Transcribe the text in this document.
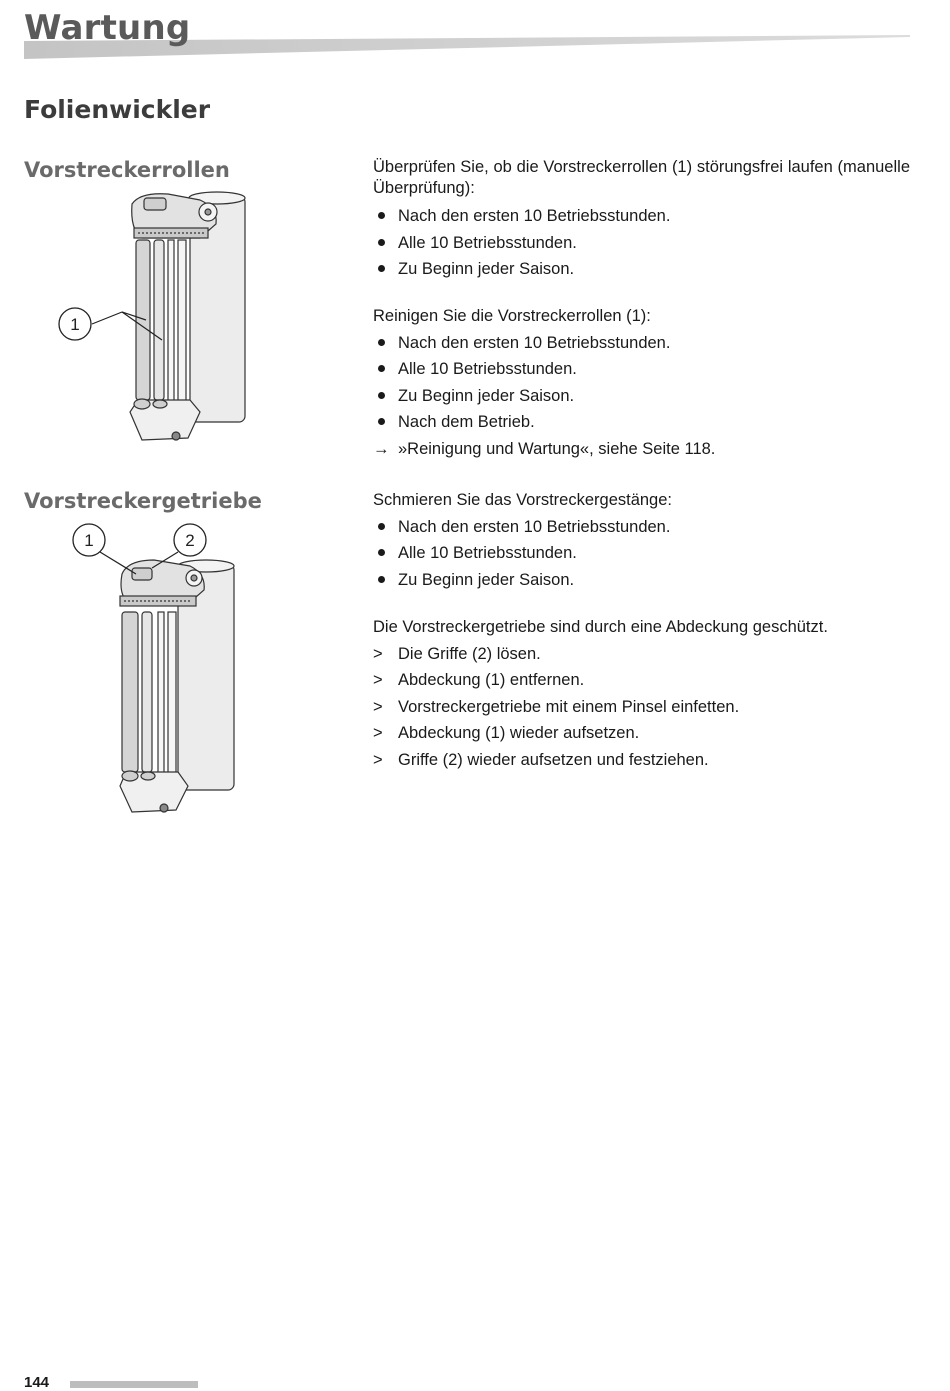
Wartung
Folienwickler
Vorstreckerrollen
1

Überprüfen Sie, ob die Vorstreckerrollen (1) störungsfrei laufen (manuelle Überprüfung):

Nach den ersten 10 Betriebsstunden.
Alle 10 Betriebsstunden.
Zu Beginn jeder Saison.

Reinigen Sie die Vorstreckerrollen (1):

Nach den ersten 10 Betriebsstunden.
Alle 10 Betriebsstunden.
Zu Beginn jeder Saison.
Nach dem Betrieb.
→ »Reinigung und Wartung«, siehe Seite 118.
Vorstreckergetriebe
1	2

Schmieren Sie das Vorstreckergestänge:

Nach den ersten 10 Betriebsstunden.
Alle 10 Betriebsstunden.
Zu Beginn jeder Saison.

Die Vorstreckergetriebe sind durch eine Abdeckung geschützt.

> Die Griffe (2) lösen.
> Abdeckung (1) entfernen.
> Vorstreckergetriebe mit einem Pinsel einfetten.
> Abdeckung (1) wieder aufsetzen.
> Griffe (2) wieder aufsetzen und festziehen.
144
